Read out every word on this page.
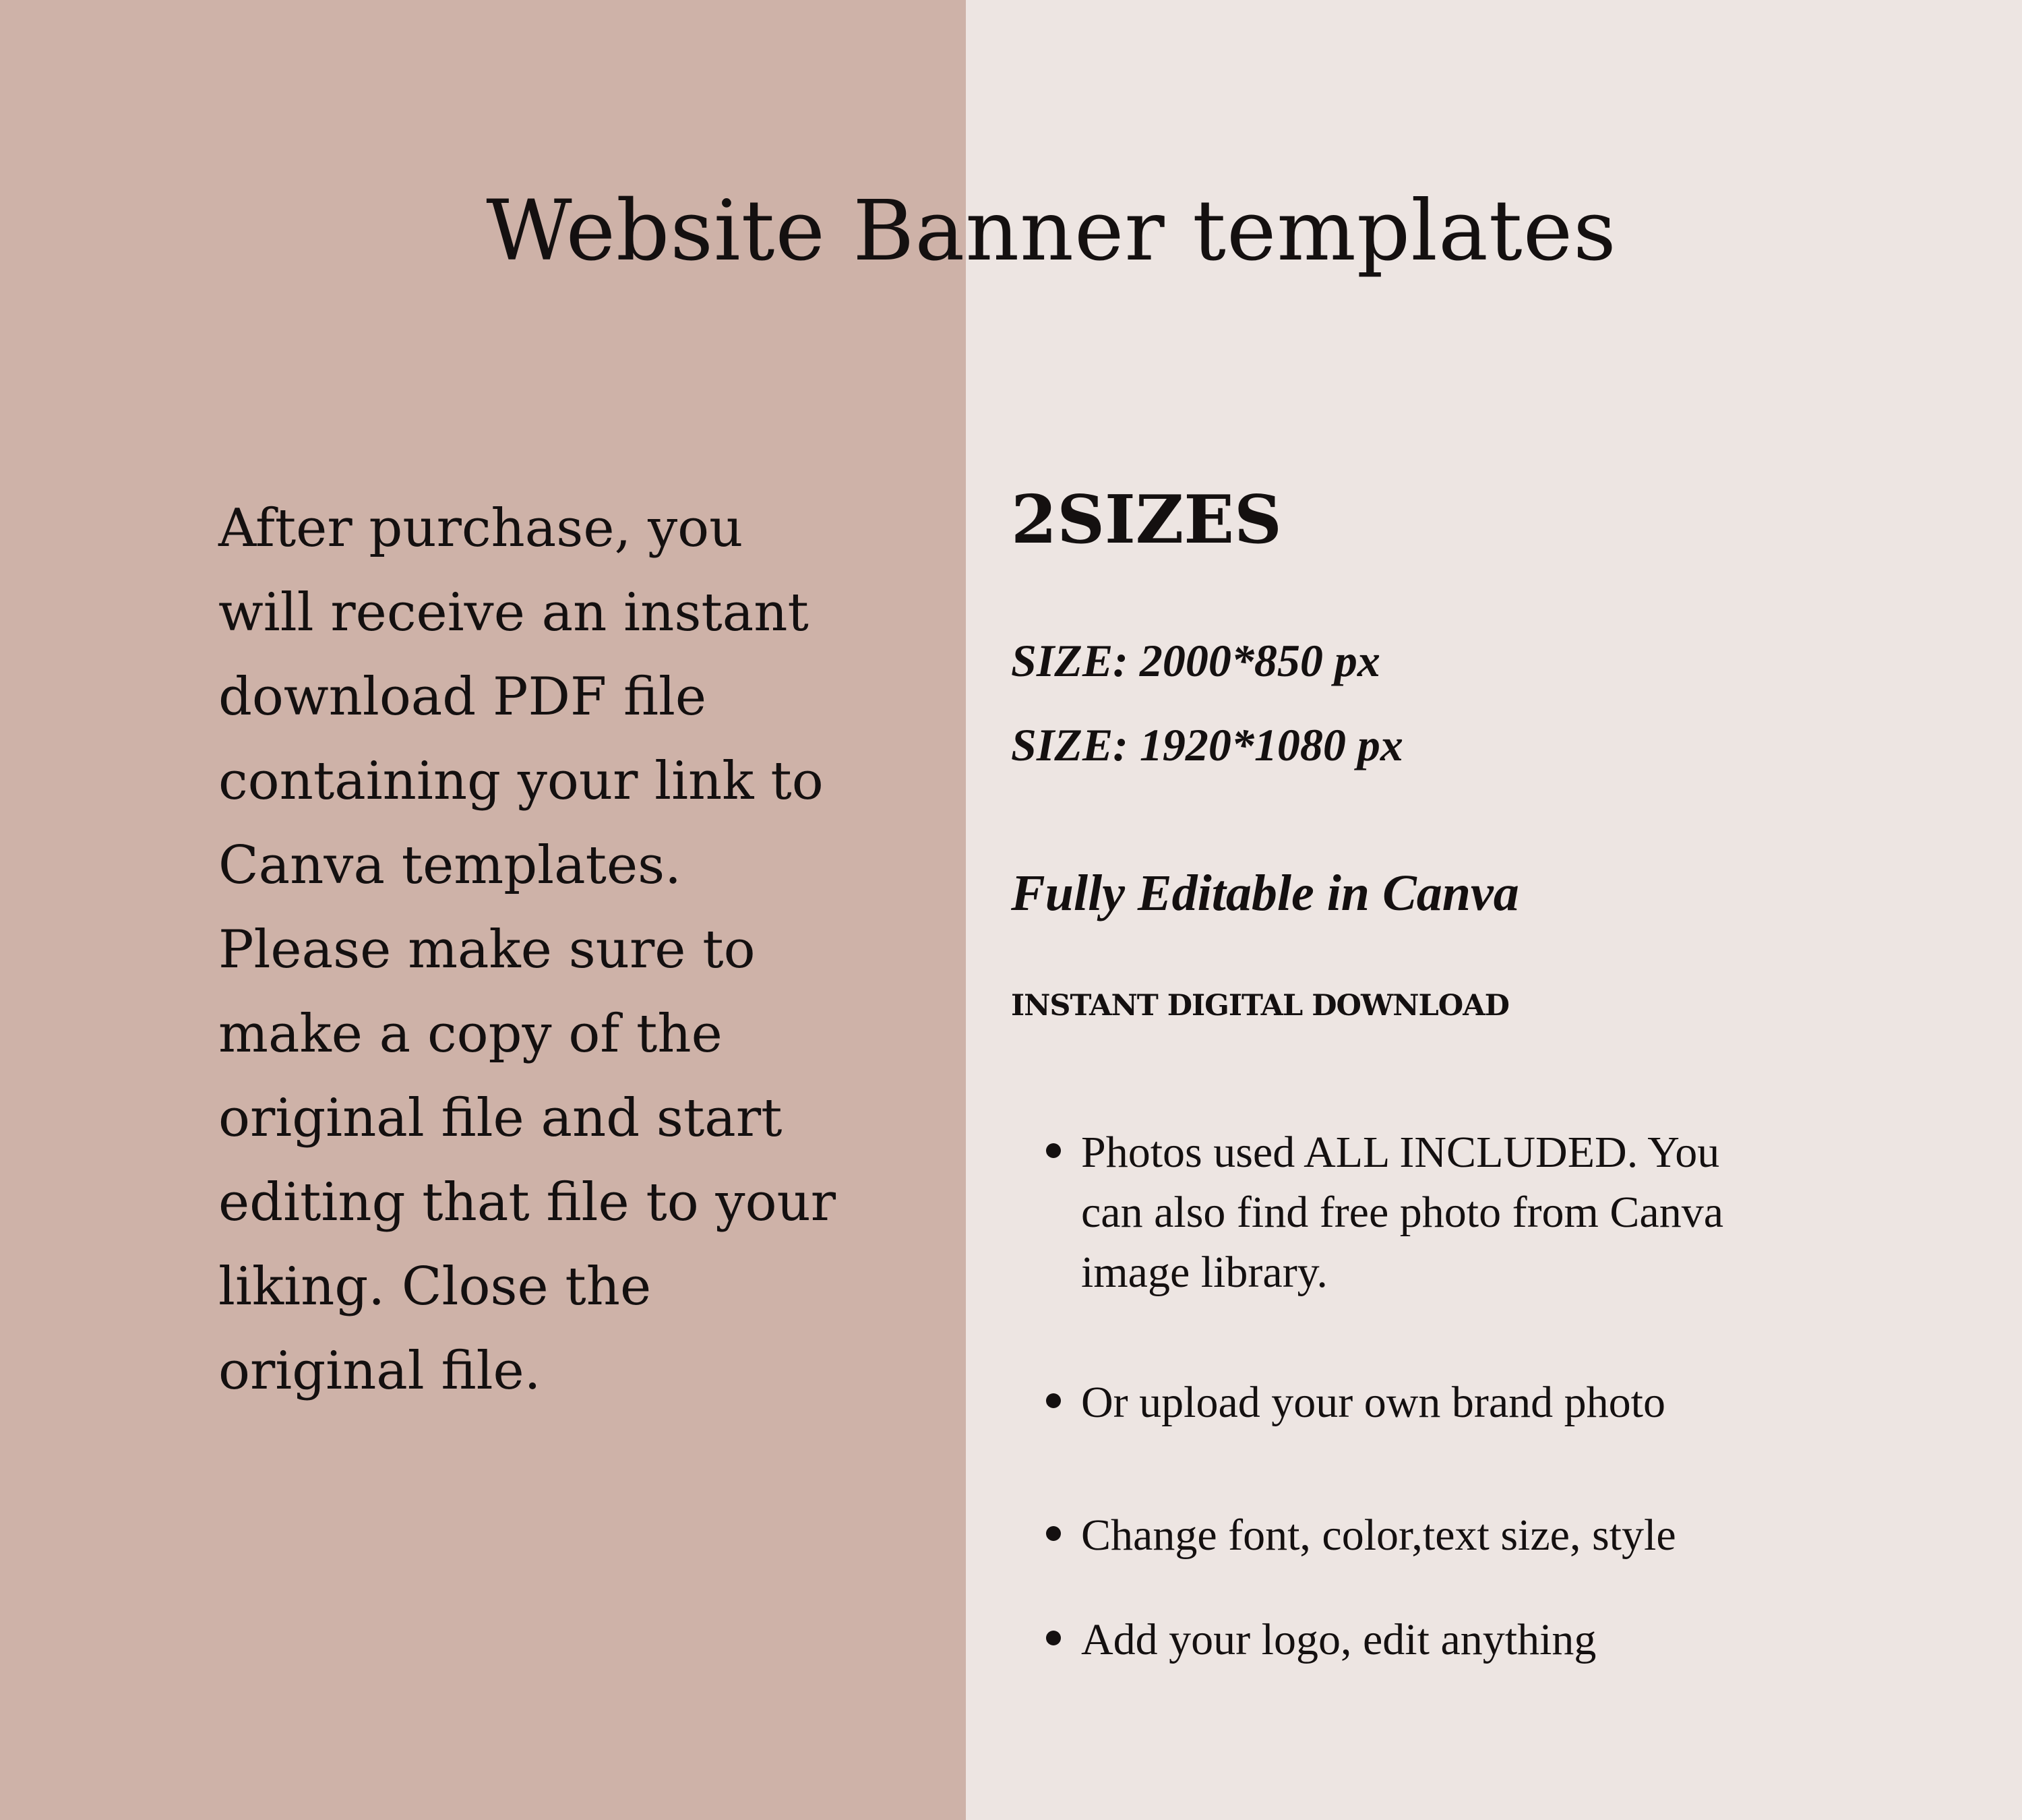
Website Banner templates

After purchase, you will receive an instant download PDF file containing your link to Canva templates. Please make sure to make a copy of the original file and start editing that file to your liking. Close the original file.

2SIZES

SIZE: 2000*850 px

SIZE: 1920*1080 px

Fully Editable in Canva

INSTANT DIGITAL DOWNLOAD

Photos used ALL INCLUDED. You can also find free photo from Canva image library.
Or upload your own brand photo
Change font, color,text size, style
Add your logo, edit anything
